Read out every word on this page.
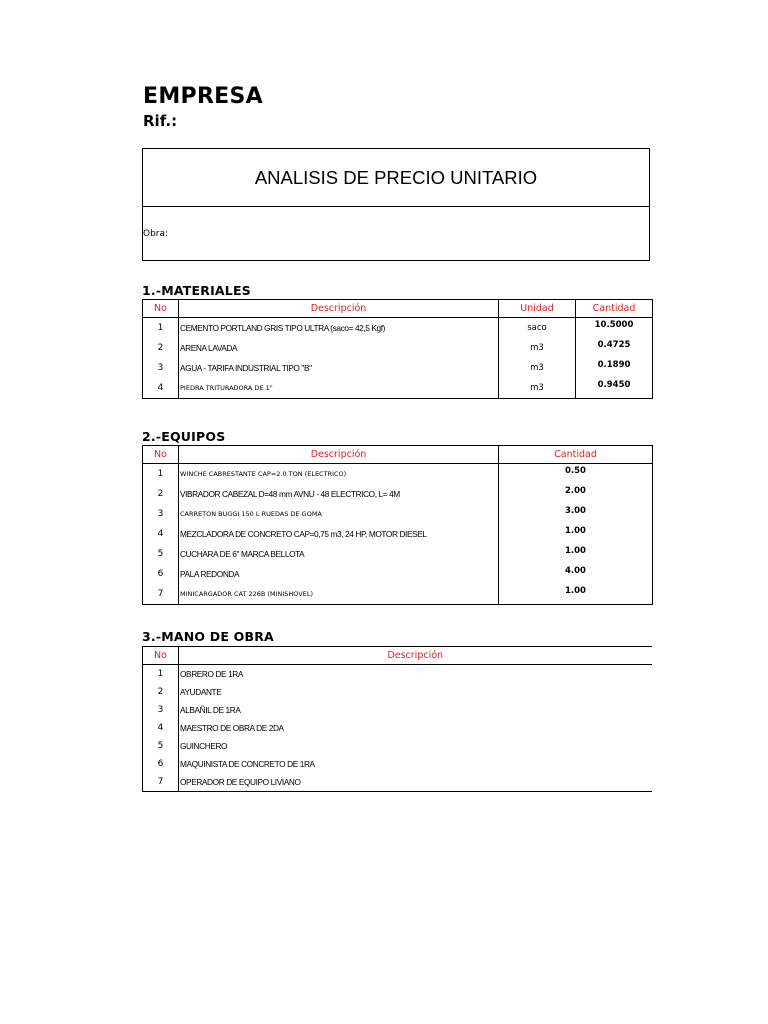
EMPRESA
Rif.:
ANALISIS DE PRECIO UNITARIO
Obra:
1.-MATERIALES
No	Descripción	Unidad	Cantidad
1	CEMENTO PORTLAND GRIS TIPO ULTRA (saco= 42,5 Kgf)	saco	10.5000
2	ARENA LAVADA	m3	0.4725
3	AGUA - TARIFA INDUSTRIAL TIPO "B"	m3	0.1890
4	PIEDRA TRITURADORA DE 1"	m3	0.9450
2.-EQUIPOS
No	Descripción	Cantidad
1	WINCHE CABRESTANTE CAP=2.0 TON (ELECTRICO)	0.50
2	VIBRADOR CABEZAL D=48 mm AVNU - 48 ELECTRICO, L= 4M	2.00
3	CARRETON BUGGI 150 L RUEDAS DE GOMA	3.00
4	MEZCLADORA DE CONCRETO CAP=0,75 m3, 24 HP, MOTOR DIESEL	1.00
5	CUCHARA DE 6" MARCA BELLOTA	1.00
6	PALA REDONDA	4.00
7	MINICARGADOR CAT 226B (MINISHOVEL)	1.00
3.-MANO DE OBRA
No	Descripción
1	OBRERO DE 1RA
2	AYUDANTE
3	ALBAÑIL DE 1RA
4	MAESTRO DE OBRA DE 2DA
5	GUINCHERO
6	MAQUINISTA DE CONCRETO DE 1RA
7	OPERADOR DE EQUIPO LIVIANO
